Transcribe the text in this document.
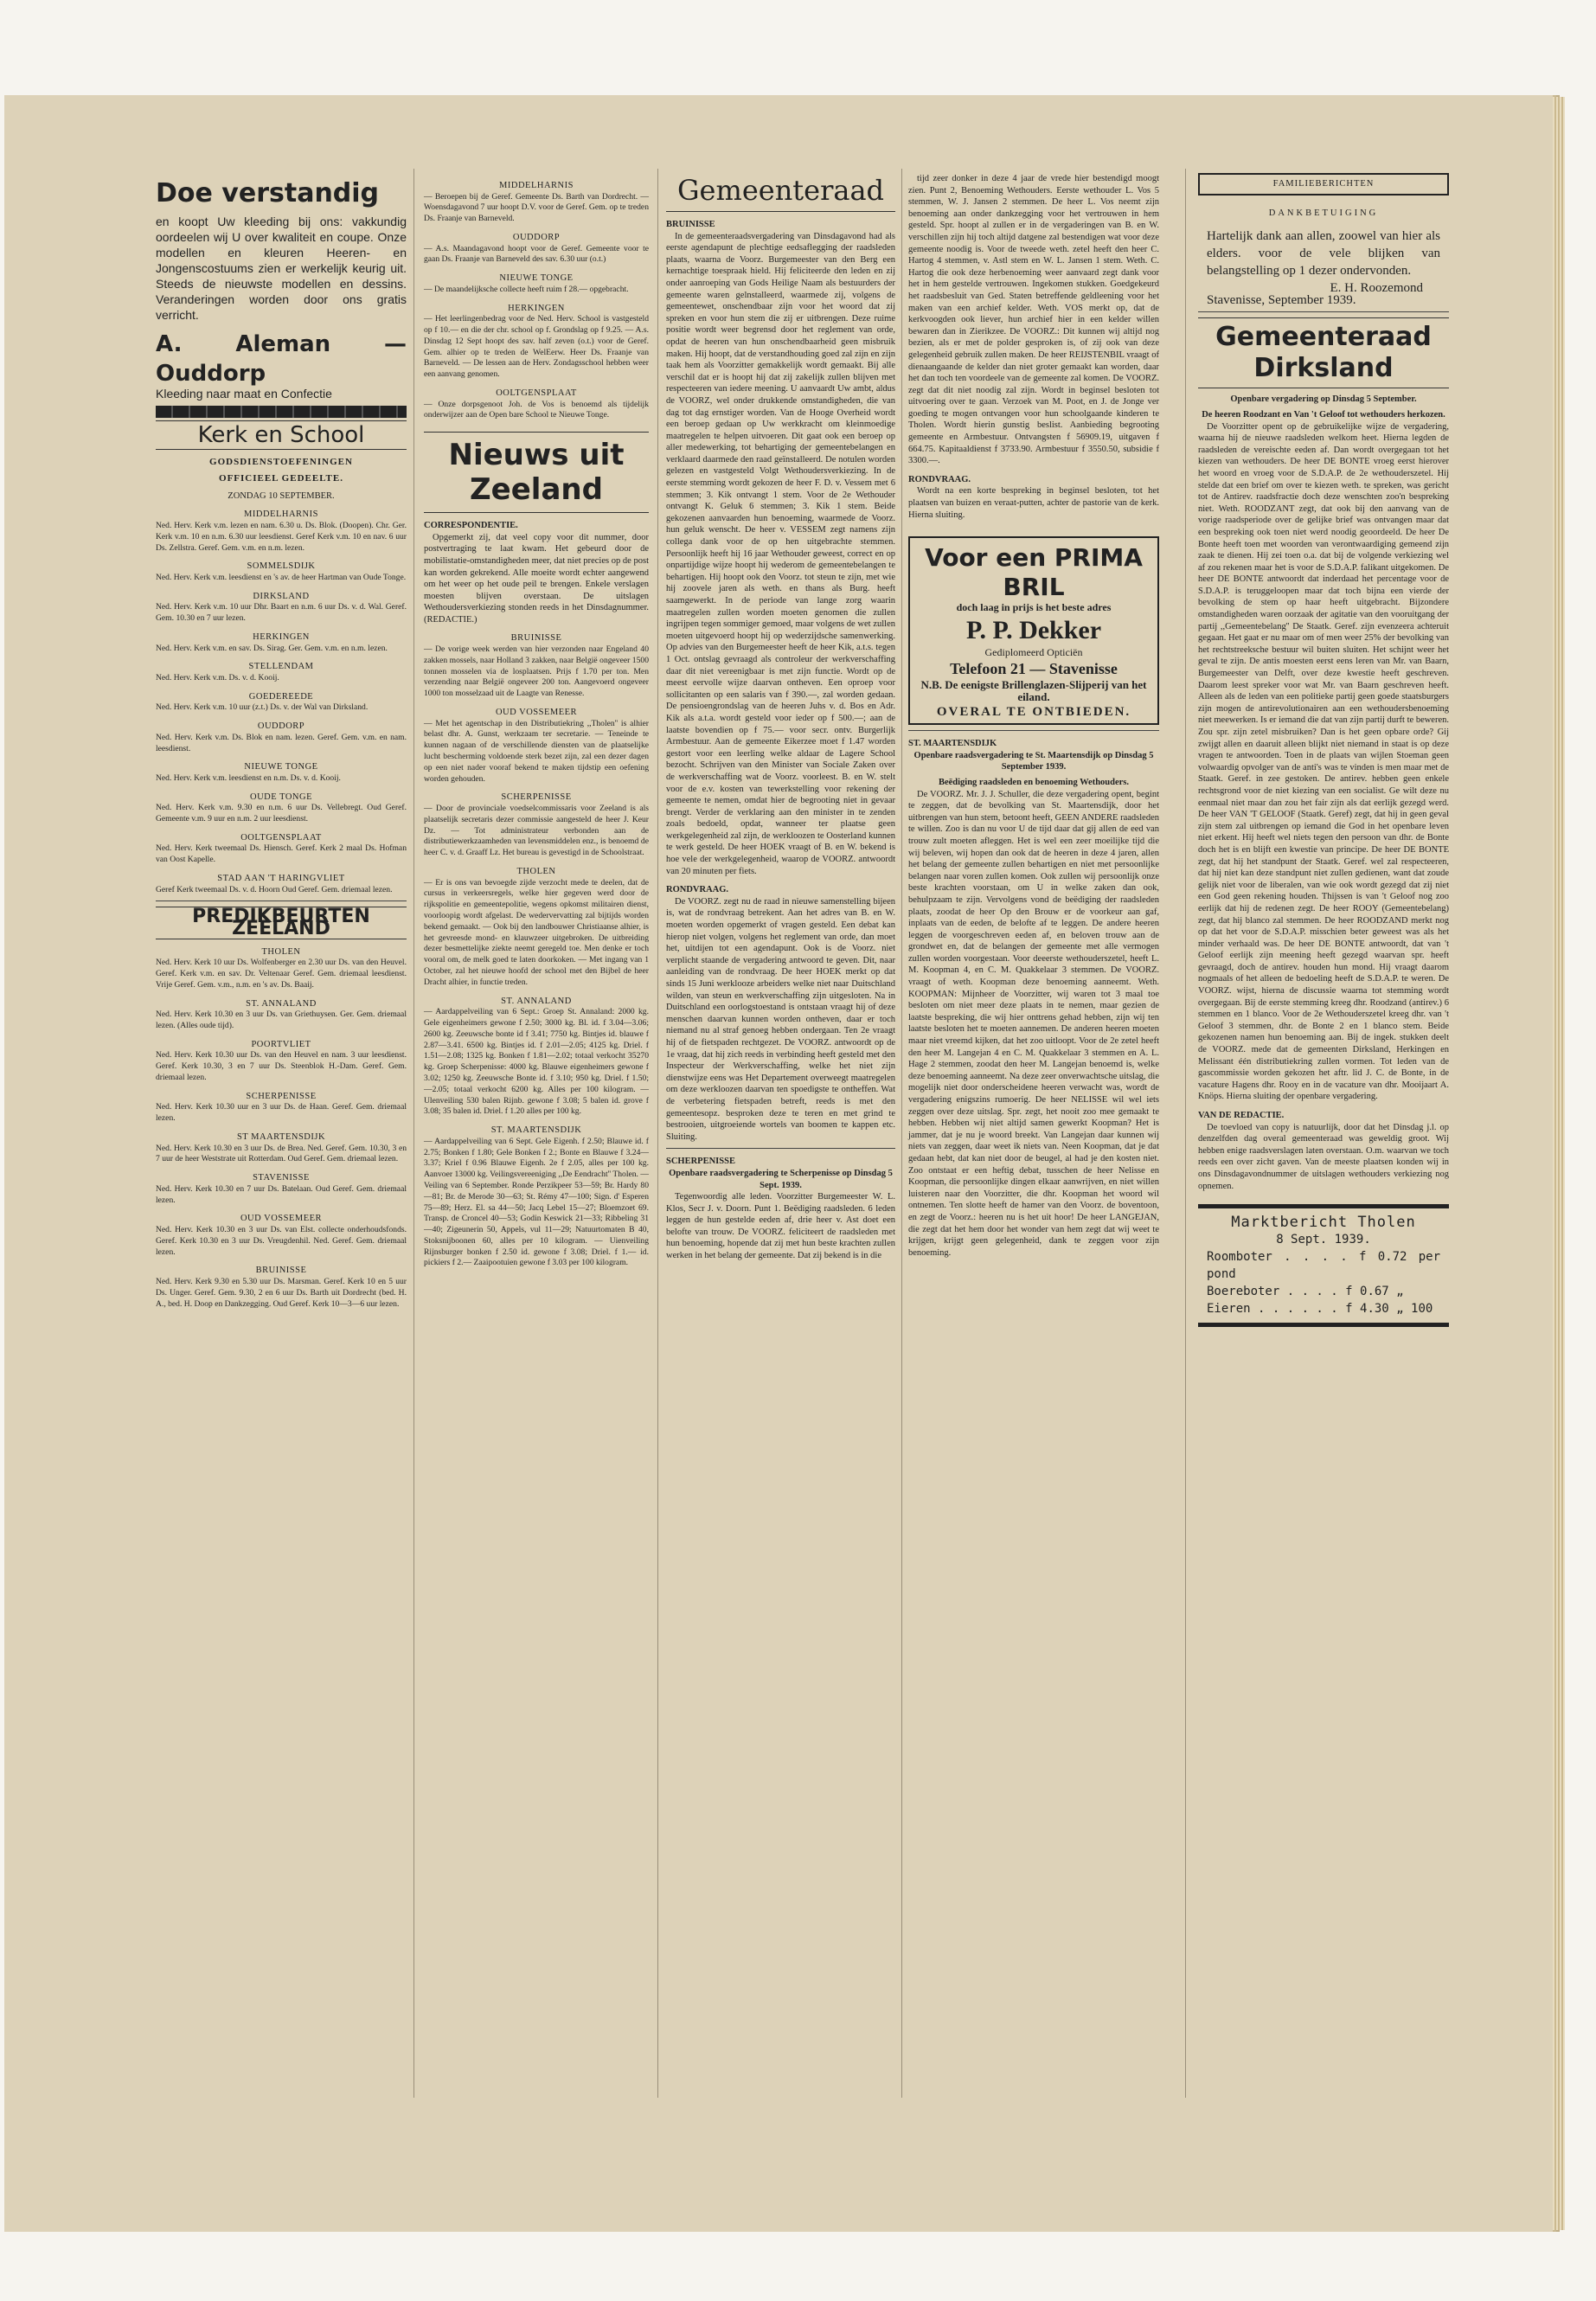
Doe verstandig
en koopt Uw kleeding bij ons: vakkundig oordeelen wij U over kwaliteit en coupe. Onze modellen en kleuren Heeren- en Jongenscostuums zien er werkelijk keurig uit. Steeds de nieuwste modellen en dessins. Veranderingen worden door ons gratis verricht.
A. Aleman — Ouddorp
Kleeding naar maat en Confectie
Kerk en School
GODSDIENSTOEFENINGEN
OFFICIEEL GEDEELTE.
ZONDAG 10 SEPTEMBER.
MIDDELHARNIS
Ned. Herv. Kerk v.m. lezen en nam. 6.30 u. Ds. Blok. (Doopen). Chr. Ger. Kerk v.m. 10 en n.m. 6.30 uur leesdienst. Geref Kerk v.m. 10 en nav. 6 uur Ds. Zellstra. Geref. Gem. v.m. en n.m. lezen.
SOMMELSDIJK
Ned. Herv. Kerk v.m. leesdienst en 's av. de heer Hartman van Oude Tonge.
DIRKSLAND
Ned. Herv. Kerk v.m. 10 uur Dhr. Baart en n.m. 6 uur Ds. v. d. Wal. Geref. Gem. 10.30 en 7 uur lezen.
HERKINGEN
Ned. Herv. Kerk v.m. en sav. Ds. Sirag. Ger. Gem. v.m. en n.m. lezen.
STELLENDAM
Ned. Herv. Kerk v.m. Ds. v. d. Kooij.
GOEDEREEDE
Ned. Herv. Kerk v.m. 10 uur (z.t.) Ds. v. der Wal van Dirksland.
OUDDORP
Ned. Herv. Kerk v.m. Ds. Blok en nam. lezen. Geref. Gem. v.m. en nam. leesdienst.
NIEUWE TONGE
Ned. Herv. Kerk v.m. leesdienst en n.m. Ds. v. d. Kooij.
OUDE TONGE
Ned. Herv. Kerk v.m. 9.30 en n.m. 6 uur Ds. Vellebregt. Oud Geref. Gemeente v.m. 9 uur en n.m. 2 uur leesdienst.
OOLTGENSPLAAT
Ned. Herv. Kerk tweemaal Ds. Hiensch. Geref. Kerk 2 maal Ds. Hofman van Oost Kapelle.
STAD AAN 'T HARINGVLIET
Geref Kerk tweemaal Ds. v. d. Hoorn Oud Geref. Gem. driemaal lezen.
PREDIKBEURTEN ZEELAND
THOLEN
Ned. Herv. Kerk 10 uur Ds. Wolfenberger en 2.30 uur Ds. van den Heuvel. Geref. Kerk v.m. en sav. Dr. Veltenaar Geref. Gem. driemaal leesdienst. Vrije Geref. Gem. v.m., n.m. en 's av. Ds. Baaij.
ST. ANNALAND
Ned. Herv. Kerk 10.30 en 3 uur Ds. van Griethuysen. Ger. Gem. driemaal lezen. (Alles oude tijd).
POORTVLIET
Ned. Herv. Kerk 10.30 uur Ds. van den Heuvel en nam. 3 uur leesdienst. Geref. Kerk 10.30, 3 en 7 uur Ds. Steenblok H.-Dam. Geref. Gem. driemaal lezen.
SCHERPENISSE
Ned. Herv. Kerk 10.30 uur en 3 uur Ds. de Haan. Geref. Gem. driemaal lezen.
ST MAARTENSDIJK
Ned. Herv. Kerk 10.30 en 3 uur Ds. de Brea. Ned. Geref. Gem. 10.30, 3 en 7 uur de heer Weststrate uit Rotterdam. Oud Geref. Gem. driemaal lezen.
STAVENISSE
Ned. Herv. Kerk 10.30 en 7 uur Ds. Batelaan. Oud Geref. Gem. driemaal lezen.
OUD VOSSEMEER
Ned. Herv. Kerk 10.30 en 3 uur Ds. van Elst. collecte onderhoudsfonds. Geref. Kerk 10.30 en 3 uur Ds. Vreugdenhil. Ned. Geref. Gem. driemaal lezen.
BRUINISSE
Ned. Herv. Kerk 9.30 en 5.30 uur Ds. Marsman. Geref. Kerk 10 en 5 uur Ds. Unger. Geref. Gem. 9.30, 2 en 6 uur Ds. Barth uit Dordrecht (bed. H. A., bed. H. Doop en Dankzegging. Oud Geref. Kerk 10—3—6 uur lezen.
MIDDELHARNIS
— Beroepen bij de Geref. Gemeente Ds. Barth van Dordrecht. — Woensdagavond 7 uur hoopt D.V. voor de Geref. Gem. op te treden Ds. Fraanje van Barneveld.
OUDDORP
— A.s. Maandagavond hoopt voor de Geref. Gemeente voor te gaan Ds. Fraanje van Barneveld des sav. 6.30 uur (o.t.)
NIEUWE TONGE
— De maandelijksche collecte heeft ruim f 28.— opgebracht.
HERKINGEN
— Het leerlingenbedrag voor de Ned. Herv. School is vastgesteld op f 10.— en die der chr. school op f. Grondslag op f 9.25. — A.s. Dinsdag 12 Sept hoopt des sav. half zeven (o.t.) voor de Geref. Gem. alhier op te treden de WelEerw. Heer Ds. Fraanje van Barneveld. — De lessen aan de Herv. Zondagsschool hebben weer een aanvang genomen.
OOLTGENSPLAAT
— Onze dorpsgenoot Joh. de Vos is benoemd als tijdelijk onderwijzer aan de Open bare School te Nieuwe Tonge.
Nieuws uit Zeeland
CORRESPONDENTIE.

Opgemerkt zij, dat veel copy voor dit nummer, door postvertraging te laat kwam. Het gebeurd door de mobilistatie-omstandigheden meer, dat niet precies op de post kan worden gekrekend. Alle moeite wordt echter aangewend om het weer op het oude peil te brengen. Enkele verslagen moesten blijven overstaan. De uitslagen Wethoudersverkiezing stonden reeds in het Dinsdagnummer. (REDACTIE.)

BRUINISSE
— De vorige week werden van hier verzonden naar Engeland 40 zakken mossels, naar Holland 3 zakken, naar België ongeveer 1500 tonnen mosselen via de losplaatsen. Prijs f 1.70 per ton. Men verzending naar België ongeveer 200 ton. Aangevoerd ongeveer 1000 ton mosselzaad uit de Laagte van Renesse.
OUD VOSSEMEER
— Met het agentschap in den Distributiekring ,,Tholen'' is alhier belast dhr. A. Gunst, werkzaam ter secretarie. — Teneinde te kunnen nagaan of de verschillende diensten van de plaatselijke lucht bescherming voldoende sterk bezet zijn, zal een dezer dagen op een niet nader vooraf bekend te maken tijdstip een oefening worden gehouden.
SCHERPENISSE
— Door de provinciale voedselcommissaris voor Zeeland is als plaatselijk secretaris dezer commissie aangesteld de heer J. Keur Dz. — Tot administrateur verbonden aan de distributiewerkzaamheden van levensmiddelen enz., is benoemd de heer C. v. d. Graaff Lz. Het bureau is gevestigd in de Schoolstraat.
THOLEN
— Er is ons van bevoegde zijde verzocht mede te deelen, dat de cursus in verkeersregels, welke hier gegeven werd door de rijkspolitie en gemeentepolitie, wegens opkomst militairen dienst, voorloopig wordt afgelast. De wedervervatting zal bijtijds worden bekend gemaakt. — Ook bij den landbouwer Christiaanse alhier, is het gevreesde mond- en klauwzeer uitgebroken. De uitbreiding dezer besmettelijke ziekte neemt geregeld toe. Men denke er toch vooral om, de melk goed te laten doorkoken. — Met ingang van 1 October, zal het nieuwe hoofd der school met den Bijbel de heer Dracht alhier, in functie treden.
ST. ANNALAND
— Aardappelveiling van 6 Sept.: Groep St. Annaland: 2000 kg. Gele eigenheimers gewone f 2.50; 3000 kg. Bl. id. f 3.04—3.06; 2600 kg. Zeeuwsche bonte id f 3.41; 7750 kg. Bintjes id. blauwe f 2.87—3.41. 6500 kg. Bintjes id. f 2.01—2.05; 4125 kg. Driel. f 1.51—2.08; 1325 kg. Bonken f 1.81—2.02; totaal verkocht 35270 kg. Groep Scherpenisse: 4000 kg. Blauwe eigenheimers gewone f 3.02; 1250 kg. Zeeuwsche Bonte id. f 3.10; 950 kg. Driel. f 1.50; —2.05; totaal verkocht 6200 kg. Alles per 100 kilogram. — Ulenveiling 530 balen Rijnb. gewone f 3.08; 5 balen id. grove f 3.08; 35 balen id. Driel. f 1.20 alles per 100 kg.
ST. MAARTENSDIJK
— Aardappelveiling van 6 Sept. Gele Eigenh. f 2.50; Blauwe id. f 2.75; Bonken f 1.80; Gele Bonken f 2.; Bonte en Blauwe f 3.24—3.37; Kriel f 0.96 Blauwe Eigenh. 2e f 2.05, alles per 100 kg. Aanvoer 13000 kg. Veilingsvereeniging ,,De Eendracht'' Tholen. — Veiling van 6 September. Ronde Perzikpeer 53—59; Br. Hardy 80—81; Br. de Merode 30—63; St. Rémy 47—100; Sign. d' Esperen 75—89; Herz. El. sa 44—50; Jacq Lebel 15—27; Bloemzoet 69. Transp. de Croncel 40—53; Godin Keswick 21—33; Ribbeling 31—40; Zigeunerin 50, Appels, vul 11—29; Natuurtomaten B 40, Stoksnijboonen 60, alles per 10 kilogram. — Uienveiling Rijnsburger bonken f 2.50 id. gewone f 3.08; Driel. f 1.— id. pickiers f 2.— Zaaipootuien gewone f 3.03 per 100 kilogram.
Gemeenteraad
BRUINISSE

In de gemeenteraadsvergadering van Dinsdagavond had als eerste agendapunt de plechtige eedsaflegging der raadsleden plaats, waarna de Voorz. Burgemeester van den Berg een kernachtige toespraak hield. Hij feliciteerde den leden en zij onder aanroeping van Gods Heilige Naam als bestuurders der gemeente waren gelnstalleerd, waarmede zij, volgens de gemeentewet, onschendbaar zijn voor het woord dat zij spreken en voor hun stem die zij er uitbrengen. Deze ruime positie wordt weer begrensd door het reglement van orde, opdat de heeren van hun onschendbaarheid geen misbruik maken. Hij hoopt, dat de verstandhouding goed zal zijn en zijn taak hem als Voorzitter gemakkelijk wordt gemaakt. Bij alle verschil dat er is hoopt hij dat zij zakelijk zullen blijven met respecteeren van iedere meening. U aanvaardt Uw ambt, aldus de VOORZ, wel onder drukkende omstandigheden, die van dag tot dag ernstiger worden. Van de Hooge Overheid wordt een beroep gedaan op Uw werkkracht om kleinmoedige maatregelen te helpen uitvoeren. Dit gaat ook een beroep op aller medewerking, tot behartiging der gemeentebelangen en verklaard daarmede den raad geïnstalleerd. De notulen worden gelezen en vastgesteld Volgt Wethoudersverkiezing. In de eerste stemming wordt gekozen de heer F. D. v. Vessem met 6 stemmen; 3. Kik ontvangt 1 stem. Voor de 2e Wethouder ontvangt K. Geluk 6 stemmen; 3. Kik 1 stem. Beide gekozenen aanvaarden hun benoeming, waarmede de Voorz. hun geluk wenscht. De heer v. VESSEM zegt namens zijn collega dank voor de op hen uitgebrachte stemmen. Persoonlijk heeft hij 16 jaar Wethouder geweest, correct en op onpartijdige wijze hoopt hij wederom de gemeentebelangen te behartigen. Hij hoopt ook den Voorz. tot steun te zijn, met wie hij zoovele jaren als weth. en thans als Burg. heeft saamgewerkt. In de periode van lange zorg waarin maatregelen zullen worden moeten genomen die zullen ingrijpen tegen sommiger gemoed, maar volgens de wet zullen moeten uitgevoerd hoopt hij op wederzijdsche samenwerking. Op advies van den Burgemeester heeft de heer Kik, a.t.s. tegen 1 Oct. ontslag gevraagd als controleur der werkverschaffing daar dit niet vereenigbaar is met zijn functie. Wordt op de meest eervolle wijze daarvan ontheven. Een oproep voor sollicitanten op een salaris van f 390.—, zal worden gedaan. De pensioengrondslag van de heeren Juhs v. d. Bos en Adr. Kik als a.t.a. wordt gesteld voor ieder op f 500.—; aan de laatste bovendien op f 75.— voor secr. ontv. Burgerlijk Armbestuur. Aan de gemeente Eikerzee moet f 1.47 worden gestort voor een leerling welke aldaar de Lagere School bezocht. Schrijven van den Minister van Sociale Zaken over de werkverschaffing wat de Voorz. voorleest. B. en W. stelt voor de e.v. kosten van tewerkstelling voor rekening der gemeente te nemen, omdat hier de begrooting niet in gevaar brengt. Verder de verklaring aan den minister in te zenden zoals bedoeld, opdat, wanneer ter plaatse geen werkgelegenheid zal zijn, de werkloozen te Oosterland kunnen te werk gesteld. De heer HOEK vraagt of B. en W. bekend is hoe vele der werkgelegenheid, waarop de VOORZ. antwoordt van 20 minuten per fiets.

RONDVRAAG.

De VOORZ. zegt nu de raad in nieuwe samenstelling bijeen is, wat de rondvraag betrekent. Aan het adres van B. en W. moeten worden opgemerkt of vragen gesteld. Een debat kan hierop niet volgen, volgens het reglement van orde, dan moet het, uitdijen tot een agendapunt. Ook is de Voorz. niet verplicht staande de vergadering antwoord te geven. Dit, naar aanleiding van de rondvraag. De heer HOEK merkt op dat sinds 15 Juni werklooze arbeiders welke niet naar Duitschland wilden, van steun en werkverschaffing zijn uitgesloten. Na in Duitschland een oorlogstoestand is ontstaan vraagt hij of deze menschen daarvan kunnen worden ontheven, daar er toch niemand nu al straf genoeg hebben ondergaan. Ten 2e vraagt hij of de fietspaden rechtgezet. De VOORZ. antwoordt op de 1e vraag, dat hij zich reeds in verbinding heeft gesteld met den Inspecteur der Werkverschaffing, welke het niet zijn dienstwijze eens was Het Departement overweegt maatregelen om deze werkloozen daarvan ten spoedigste te ontheffen. Wat de verbetering fietspaden betreft, reeds is met den gemeentesopz. besproken deze te teren en met grind te bestrooien, uitgroeiende wortels van boomen te kappen etc. Sluiting.

SCHERPENISSE
Openbare raadsvergadering te Scherpenisse op Dinsdag 5 Sept. 1939.

Tegenwoordig alle leden. Voorzitter Burgemeester W. L. Klos, Secr J. v. Doorn. Punt 1. Beëdiging raadsleden. 6 leden leggen de hun gestelde eeden af, drie heer v. Ast doet een belofte van trouw. De VOORZ. feliciteert de raadsleden met hun benoeming, hopende dat zij met hun beste krachten zullen werken in het belang der gemeente. Dat zij bekend is in die

tijd zeer donker in deze 4 jaar de vrede hier bestendigd moogt zien. Punt 2, Benoeming Wethouders. Eerste wethouder L. Vos 5 stemmen, W. J. Jansen 2 stemmen. De heer L. Vos neemt zijn benoeming aan onder dankzegging voor het vertrouwen in hem gesteld. Spr. hoopt al zullen er in de vergaderingen van B. en W. verschillen zijn hij toch altijd datgene zal bestendigen wat voor deze gemeente noodig is. Voor de tweede weth. zetel heeft den heer C. Hartog 4 stemmen, v. Astl stem en W. L. Jansen 1 stem. Weth. C. Hartog die ook deze herbenoeming weer aanvaard zegt dank voor het in hem gestelde vertrouwen. Ingekomen stukken. Goedgekeurd het raadsbesluit van Ged. Staten betreffende geldleening voor het maken van een archief kelder. Weth. VOS merkt op, dat de kerkvoogden ook liever, hun archief hier in een kelder willen bewaren dan in Zierikzee. De VOORZ.: Dit kunnen wij altijd nog bezien, als er met de polder gesproken is, of zij ook van deze gelegenheid gebruik zullen maken. De heer REIJSTENBIL vraagt of dienaangaande de kelder dan niet groter gemaakt kan worden, daar het dan toch ten voordeele van de gemeente zal komen. De VOORZ. zegt dat dit niet noodig zal zijn. Wordt in beginsel besloten tot uitvoering over te gaan. Verzoek van M. Poot, en J. de Jonge ver goeding te mogen ontvangen voor hun schoolgaande kinderen te Tholen. Wordt hierin gunstig beslist. Aanbieding begrooting gemeente en Armbestuur. Ontvangsten f 56909.19, uitgaven f 664.75. Kapitaaldienst f 3733.90. Armbestuur f 3550.50, subsidie f 3300.—.

RONDVRAAG.

Wordt na een korte bespreking in beginsel besloten, tot het plaatsen van buizen en veraat-putten, achter de pastorie van de kerk. Hierna sluiting.

Voor een PRIMA BRIL
doch laag in prijs is het beste adres
P. P. Dekker
Gediplomeerd Opticiën
Telefoon 21 — Stavenisse
N.B. De eenigste Brillenglazen-Slijperij van het eiland.
OVERAL TE ONTBIEDEN.
ST. MAARTENSDIJK
Openbare raadsvergadering te St. Maartensdijk op Dinsdag 5 September 1939.
Beëdiging raadsleden en benoeming Wethouders.

De VOORZ. Mr. J. J. Schuller, die deze vergadering opent, begint te zeggen, dat de bevolking van St. Maartensdijk, door het uitbrengen van hun stem, betoont heeft, GEEN ANDERE raadsleden te willen. Zoo is dan nu voor U de tijd daar dat gij allen de eed van trouw zult moeten afleggen. Het is wel een zeer moeilijke tijd die wij beleven, wij hopen dan ook dat de heeren in deze 4 jaren, allen het belang der gemeente zullen behartigen en niet met persoonlijke belangen naar voren zullen komen. Ook zullen wij persoonlijk onze beste krachten voorstaan, om U in welke zaken dan ook, behulpzaam te zijn. Vervolgens vond de beëdiging der raadsleden plaats, zoodat de heer Op den Brouw er de voorkeur aan gaf, inplaats van de eeden, de belofte af te leggen. De andere heeren leggen de voorgeschreven eeden af, en beloven trouw aan de grondwet en, dat de belangen der gemeente met alle vermogen zullen worden voorgestaan. Voor deeerste wethouderszetel, heeft L. M. Koopman 4, en C. M. Quakkelaar 3 stemmen. De VOORZ. vraagt of weth. Koopman deze benoeming aanneemt. Weth. KOOPMAN: Mijnheer de Voorzitter, wij waren tot 3 maal toe besloten om niet meer deze plaats in te nemen, maar gezien de laatste bespreking, die wij hier onttrens gehad hebben, zijn wij ten laatste besloten het te moeten aannemen. De anderen heeren moeten maar niet vreemd kijken, dat het zoo uitloopt. Voor de 2e zetel heeft den heer M. Langejan 4 en C. M. Quakkelaar 3 stemmen en A. L. Hage 2 stemmen, zoodat den heer M. Langejan benoemd is, welke deze benoeming aanneemt. Na deze zeer onverwachtsche uitslag, die mogelijk niet door onderscheidene heeren verwacht was, wordt de vergadering enigszins rumoerig. De heer NELISSE wil wel iets zeggen over deze uitslag. Spr. zegt, het nooit zoo mee gemaakt te hebben. Hebben wij niet altijd samen gewerkt Koopman? Het is jammer, dat je nu je woord breekt. Van Langejan daar kunnen wij niets van zeggen, daar weet ik niets van. Neen Koopman, dat je dat gedaan hebt, dat kan niet door de beugel, al had je den kosten niet. Zoo ontstaat er een heftig debat, tusschen de heer Nelisse en Koopman, die persoonlijke dingen elkaar aanwrijven, en niet willen luisteren naar den Voorzitter, die dhr. Koopman het woord wil ontnemen. Ten slotte heeft de hamer van den Voorz. de boventoon, en zegt de Voorz.: heeren nu is het uit hoor! De heer LANGEJAN, die zegt dat het hem door het wonder van hem zegt dat wij weet te krijgen, krijgt geen gelegenheid, dank te zeggen voor zijn benoeming.

FAMILIEBERICHTEN
DANKBETUIGING
Hartelijk dank aan allen, zoowel van hier als elders. voor de vele blijken van belangstelling op 1 dezer ondervonden.
E. H. Roozemond
Stavenisse, September 1939.
Gemeenteraad Dirksland
Openbare vergadering op Dinsdag 5 September.
De heeren Roodzant en Van 't Geloof tot wethouders herkozen.

De Voorzitter opent op de gebruikelijke wijze de vergadering, waarna hij de nieuwe raadsleden welkom heet. Hierna legden de raadsleden de vereischte eeden af. Dan wordt overgegaan tot het kiezen van wethouders. De heer DE BONTE vroeg eerst hierover het woord en vroeg voor de S.D.A.P. de 2e wethouderszetel. Hij stelde dat een brief om over te kiezen weth. te spreken, was gericht tot de Antirev. raadsfractie doch deze wenschten zoo'n bespreking niet. Weth. ROODZANT zegt, dat ook bij den aanvang van de vorige raadsperiode over de gelijke brief was ontvangen maar dat een bespreking ook toen niet werd noodig geoordeeld. De heer De Bonte heeft toen met woorden van verontwaardiging gemeend zijn zaak te dienen. Hij zei toen o.a. dat bij de volgende verkiezing wel af zou rekenen maar het is voor de S.D.A.P. falikant uitgekomen. De heer DE BONTE antwoordt dat inderdaad het percentage voor de S.D.A.P. is teruggeloopen maar dat toch bijna een vierde der bevolking de stem op haar heeft uitgebracht. Bijzondere omstandigheden waren oorzaak der agitatie van den vooruitgang der partij ,,Gemeentebelang'' De Staatk. Geref. zijn evenzeera achteruit gegaan. Het gaat er nu maar om of men weer 25% der bevolking van het rechtstreeksche bestuur wil buiten sluiten. Het schijnt weer het geval te zijn. De antis moesten eerst eens leren van Mr. van Baarn, Burgemeester van Delft, over deze kwestie heeft geschreven. Daarom leest spreker voor wat Mr. van Baarn geschreven heeft. Alleen als de leden van een politieke partij geen goede staatsburgers zijn mogen de antirevolutionairen aan een wethoudersbenoeming niet meewerken. Is er iemand die dat van zijn partij durft te beweren. Zou spr. zijn zetel misbruiken? Dan is het geen opbare orde? Gij zwijgt allen en daaruit alleen blijkt niet niemand in staat is op deze vragen te antwoorden. Toen in de plaats van wijlen Stoeman geen volwaardig opvolger van de anti's was te vinden is men maar met de Staatk. Geref. in zee gestoken. De antirev. hebben geen enkele rechtsgrond voor de niet kiezing van een socialist. Ge wilt deze nu eenmaal niet maar dan zou het fair zijn als dat eerlijk gezegd werd. De heer VAN 'T GELOOF (Staatk. Geref) zegt, dat hij in geen geval zijn stem zal uitbrengen op iemand die God in het openbare leven niet erkent. Hij heeft wel niets tegen den persoon van dhr. de Bonte doch het is en blijft een kwestie van principe. De heer DE BONTE zegt, dat hij het standpunt der Staatk. Geref. wel zal respecteeren, dat hij niet kan deze standpunt niet zullen gedienen, want dat zoude gelijk niet voor de liberalen, van wie ook wordt gezegd dat zij niet een God geen rekening houden. Thijssen is van 't Geloof nog zoo eerlijk dat hij de redenen zegt. De heer ROOY (Gemeentebelang) zegt, dat hij blanco zal stemmen. De heer ROODZAND merkt nog op dat het voor de S.D.A.P. misschien beter geweest was als het minder verhaald was. De heer DE BONTE antwoordt, dat van 't Geloof eerlijk zijn meening heeft gezegd waarvan spr. heeft gevraagd, doch de antirev. houden hun mond. Hij vraagt daarom nogmaals of het alleen de bedoeling heeft de S.D.A.P. te weren. De VOORZ. wijst, hierna de discussie waarna tot stemming wordt overgegaan. Bij de eerste stemming kreeg dhr. Roodzand (antirev.) 6 stemmen en 1 blanco. Voor de 2e Wethouderszetel kreeg dhr. van 't Geloof 3 stemmen, dhr. de Bonte 2 en 1 blanco stem. Beide gekozenen namen hun benoeming aan. Bij de ingek. stukken deelt de VOORZ. mede dat de gemeenten Dirksland, Herkingen en Melissant één distributiekring zullen vormen. Tot leden van de gascommissie worden gekozen het aftr. lid J. C. de Bonte, in de vacature Hagens dhr. Rooy en in de vacature van dhr. Mooijaart A. Knöps. Hierna sluiting der openbare vergadering.

VAN DE REDACTIE.

De toevloed van copy is natuurlijk, door dat het Dinsdag j.l. op denzelfden dag overal gemeenteraad was geweldig groot. Wij hebben enige raadsverslagen laten overstaan. O.m. waarvan we toch reeds een over zicht gaven. Van de meeste plaatsen konden wij in ons Dinsdagavondnummer de uitslagen wethouders verkiezing nog opnemen.

Marktbericht Tholen
8 Sept. 1939.
Roomboter . . . . f 0.72 per pond
Boereboter . . . . f 0.67 „
Eieren . . . . . . f 4.30 „ 100
